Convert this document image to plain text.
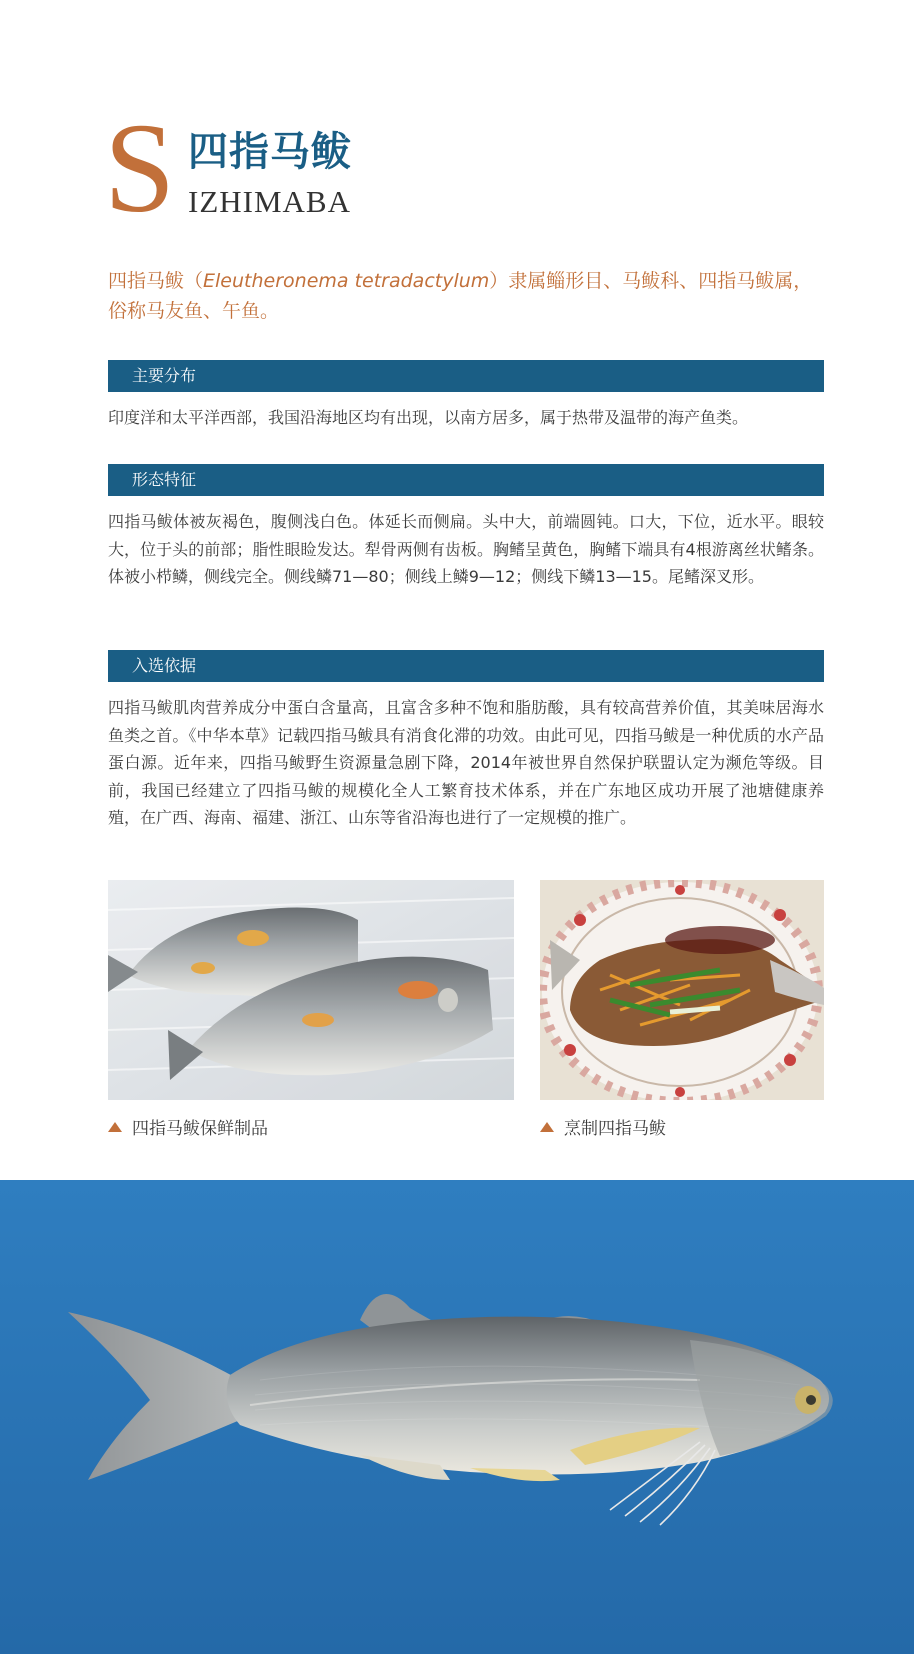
S 四指马鲅
IZHIMABA
四指马鲅（Eleutheronema tetradactylum）隶属鲻形目、马鲅科、四指马鲅属，俗称马友鱼、午鱼。
主要分布
印度洋和太平洋西部，我国沿海地区均有出现，以南方居多，属于热带及温带的海产鱼类。
形态特征
四指马鲅体被灰褐色，腹侧浅白色。体延长而侧扁。头中大，前端圆钝。口大，下位，近水平。眼较大，位于头的前部；脂性眼睑发达。犁骨两侧有齿板。胸鳍呈黄色，胸鳍下端具有4根游离丝状鳍条。体被小栉鳞，侧线完全。侧线鳞71—80；侧线上鳞9—12；侧线下鳞13—15。尾鳍深叉形。
入选依据
四指马鲅肌肉营养成分中蛋白含量高，且富含多种不饱和脂肪酸，具有较高营养价值，其美味居海水鱼类之首。《中华本草》记载四指马鲅具有消食化滞的功效。由此可见，四指马鲅是一种优质的水产品蛋白源。近年来，四指马鲅野生资源量急剧下降，2014年被世界自然保护联盟认定为濒危等级。目前，我国已经建立了四指马鲅的规模化全人工繁育技术体系，并在广东地区成功开展了池塘健康养殖，在广西、海南、福建、浙江、山东等省沿海也进行了一定规模的推广。
四指马鲅保鲜制品	烹制四指马鲅
